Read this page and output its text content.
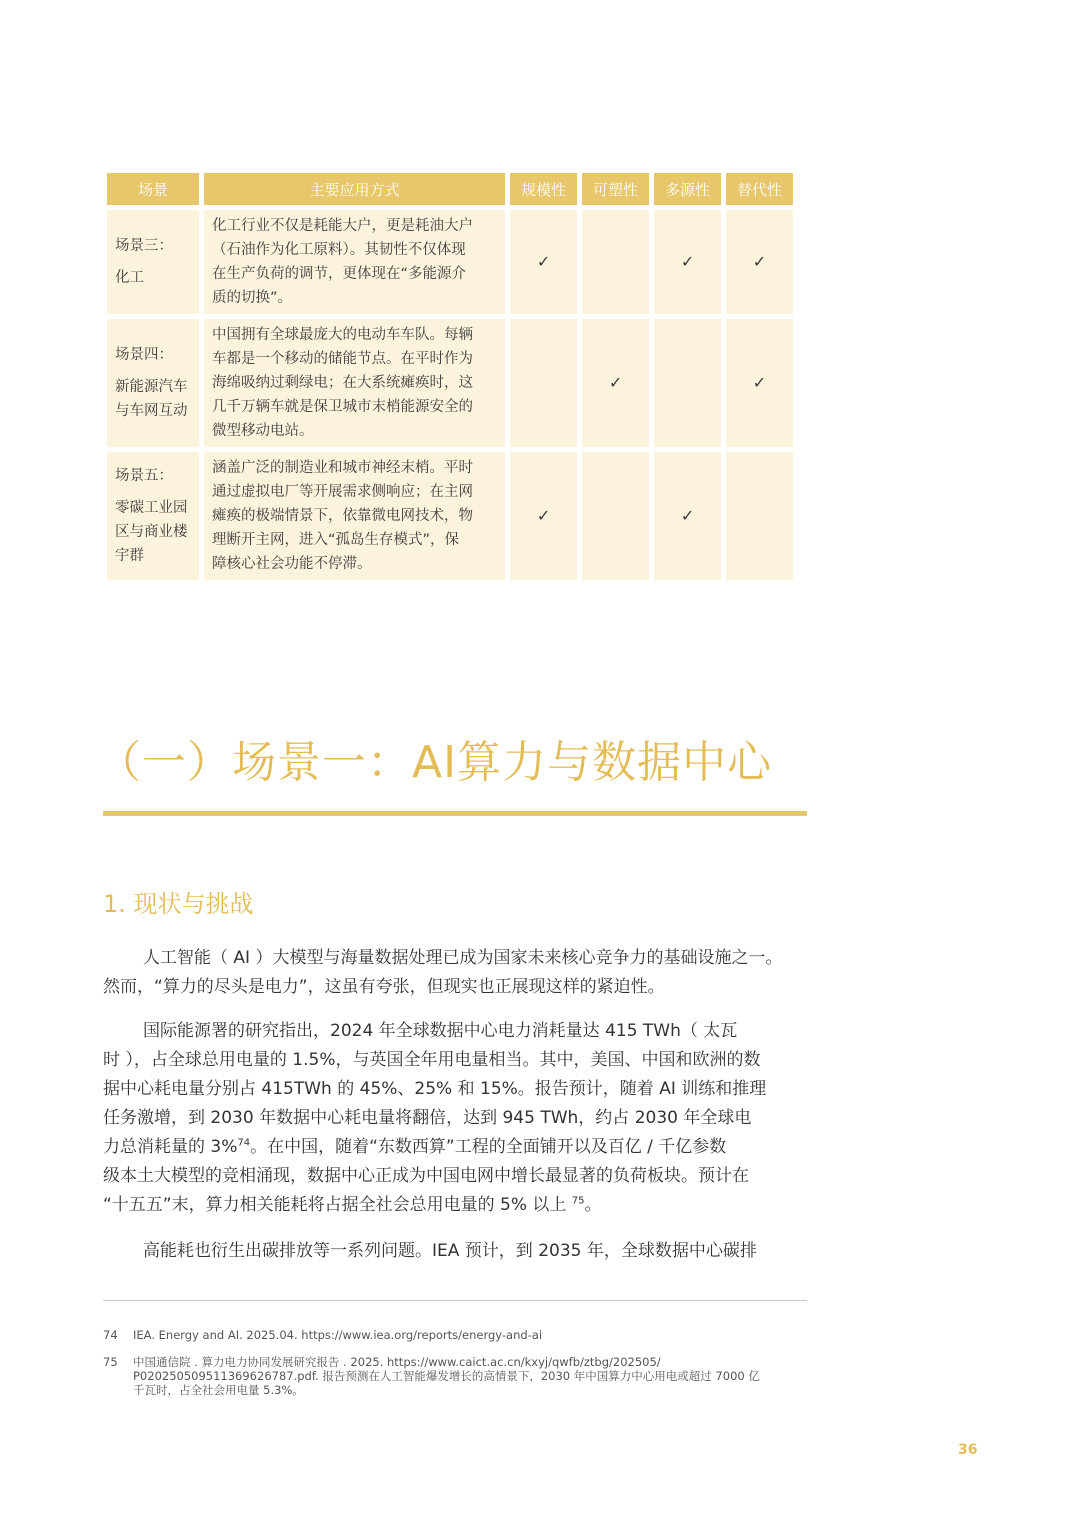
场景	主要应用方式	规模性	可塑性	多源性	替代性

场景三：
化工	化工行业不仅是耗能大户，更是耗油大户
（石油作为化工原料）。其韧性不仅体现
在生产负荷的调节，更体现在“多能源介
质的切换”。	✓		✓	✓

场景四：
新能源汽车
与车网互动	中国拥有全球最庞大的电动车车队。每辆
车都是一个移动的储能节点。在平时作为
海绵吸纳过剩绿电；在大系统瘫痪时，这
几千万辆车就是保卫城市末梢能源安全的
微型移动电站。		✓		✓

场景五：
零碳工业园
区与商业楼
宇群	涵盖广泛的制造业和城市神经末梢。平时
通过虚拟电厂等开展需求侧响应；在主网
瘫痪的极端情景下，依靠微电网技术，物
理断开主网，进入“孤岛生存模式”，保
障核心社会功能不停滞。	✓		✓	
（一）场景一：AI算力与数据中心
1. 现状与挑战
人工智能（ AI ）大模型与海量数据处理已成为国家未来核心竞争力的基础设施之一。
然而，“算力的尽头是电力”，这虽有夸张，但现实也正展现这样的紧迫性。
国际能源署的研究指出，2024 年全球数据中心电力消耗量达 415 TWh（ 太瓦
时 ），占全球总用电量的 1.5%，与英国全年用电量相当。其中，美国、中国和欧洲的数
据中心耗电量分别占 415TWh 的 45%、25% 和 15%。报告预计，随着 AI 训练和推理
任务激增，到 2030 年数据中心耗电量将翻倍，达到 945 TWh，约占 2030 年全球电
力总消耗量的 3%$^{74}$。在中国，随着“东数西算”工程的全面铺开以及百亿 / 千亿参数
级本土大模型的竞相涌现，数据中心正成为中国电网中增长最显著的负荷板块。预计在
“十五五”末，算力相关能耗将占据全社会总用电量的 5% 以上 $^{75}$。
高能耗也衍生出碳排放等一系列问题。IEA 预计，到 2035 年，全球数据中心碳排
74 IEA. Energy and AI. 2025.04. https://www.iea.org/reports/energy-and-ai
75 中国通信院 . 算力电力协同发展研究报告 . 2025. https://www.caict.ac.cn/kxyj/qwfb/ztbg/202505/
P020250509511369626787.pdf. 报告预测在人工智能爆发增长的高情景下，2030 年中国算力中心用电或超过 7000 亿
千瓦时，占全社会用电量 5.3%。
36
